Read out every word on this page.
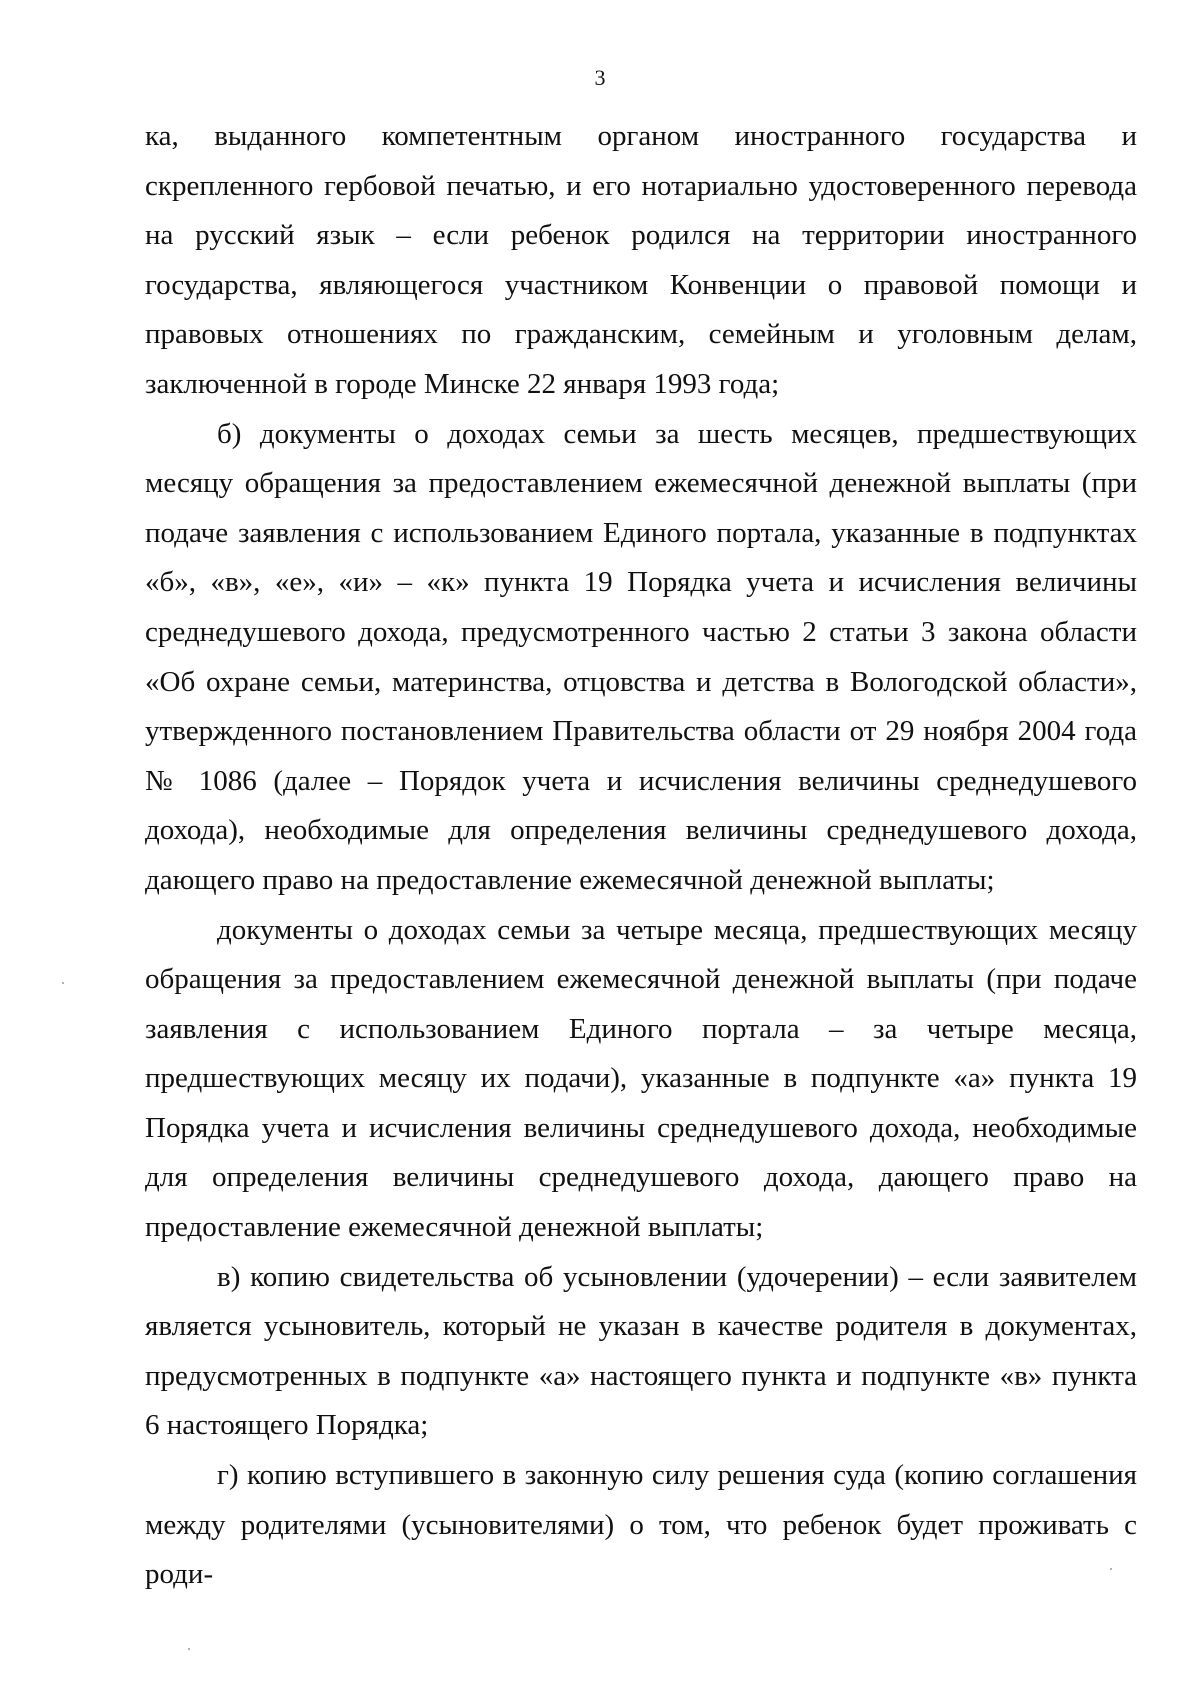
3

ка, выданного компетентным органом иностранного государства и скрепленного гербовой печатью, и его нотариально удостоверенного перевода на русский язык – если ребенок родился на территории иностранного государства, являющегося участником Конвенции о правовой помощи и правовых отношениях по гражданским, семейным и уголовным делам, заключенной в городе Минске 22 января 1993 года;

б) документы о доходах семьи за шесть месяцев, предшествующих месяцу обращения за предоставлением ежемесячной денежной выплаты (при подаче заявления с использованием Единого портала, указанные в подпунктах «б», «в», «е», «и» – «к» пункта 19 Порядка учета и исчисления величины среднедушевого дохода, предусмотренного частью 2 статьи 3 закона области «Об охране семьи, материнства, отцовства и детства в Вологодской области», утвержденного постановлением Правительства области от 29 ноября 2004 года № 1086 (далее – Порядок учета и исчисления величины среднедушевого дохода), необходимые для определения величины среднедушевого дохода, дающего право на предоставление ежемесячной денежной выплаты;

документы о доходах семьи за четыре месяца, предшествующих месяцу обращения за предоставлением ежемесячной денежной выплаты (при подаче заявления с использованием Единого портала – за четыре месяца, предшествующих месяцу их подачи), указанные в подпункте «а» пункта 19 Порядка учета и исчисления величины среднедушевого дохода, необходимые для определения величины среднедушевого дохода, дающего право на предоставление ежемесячной денежной выплаты;

в) копию свидетельства об усыновлении (удочерении) – если заявителем является усыновитель, который не указан в качестве родителя в документах, предусмотренных в подпункте «а» настоящего пункта и подпункте «в» пункта 6 настоящего Порядка;

г) копию вступившего в законную силу решения суда (копию соглашения между родителями (усыновителями) о том, что ребенок будет проживать с роди-
